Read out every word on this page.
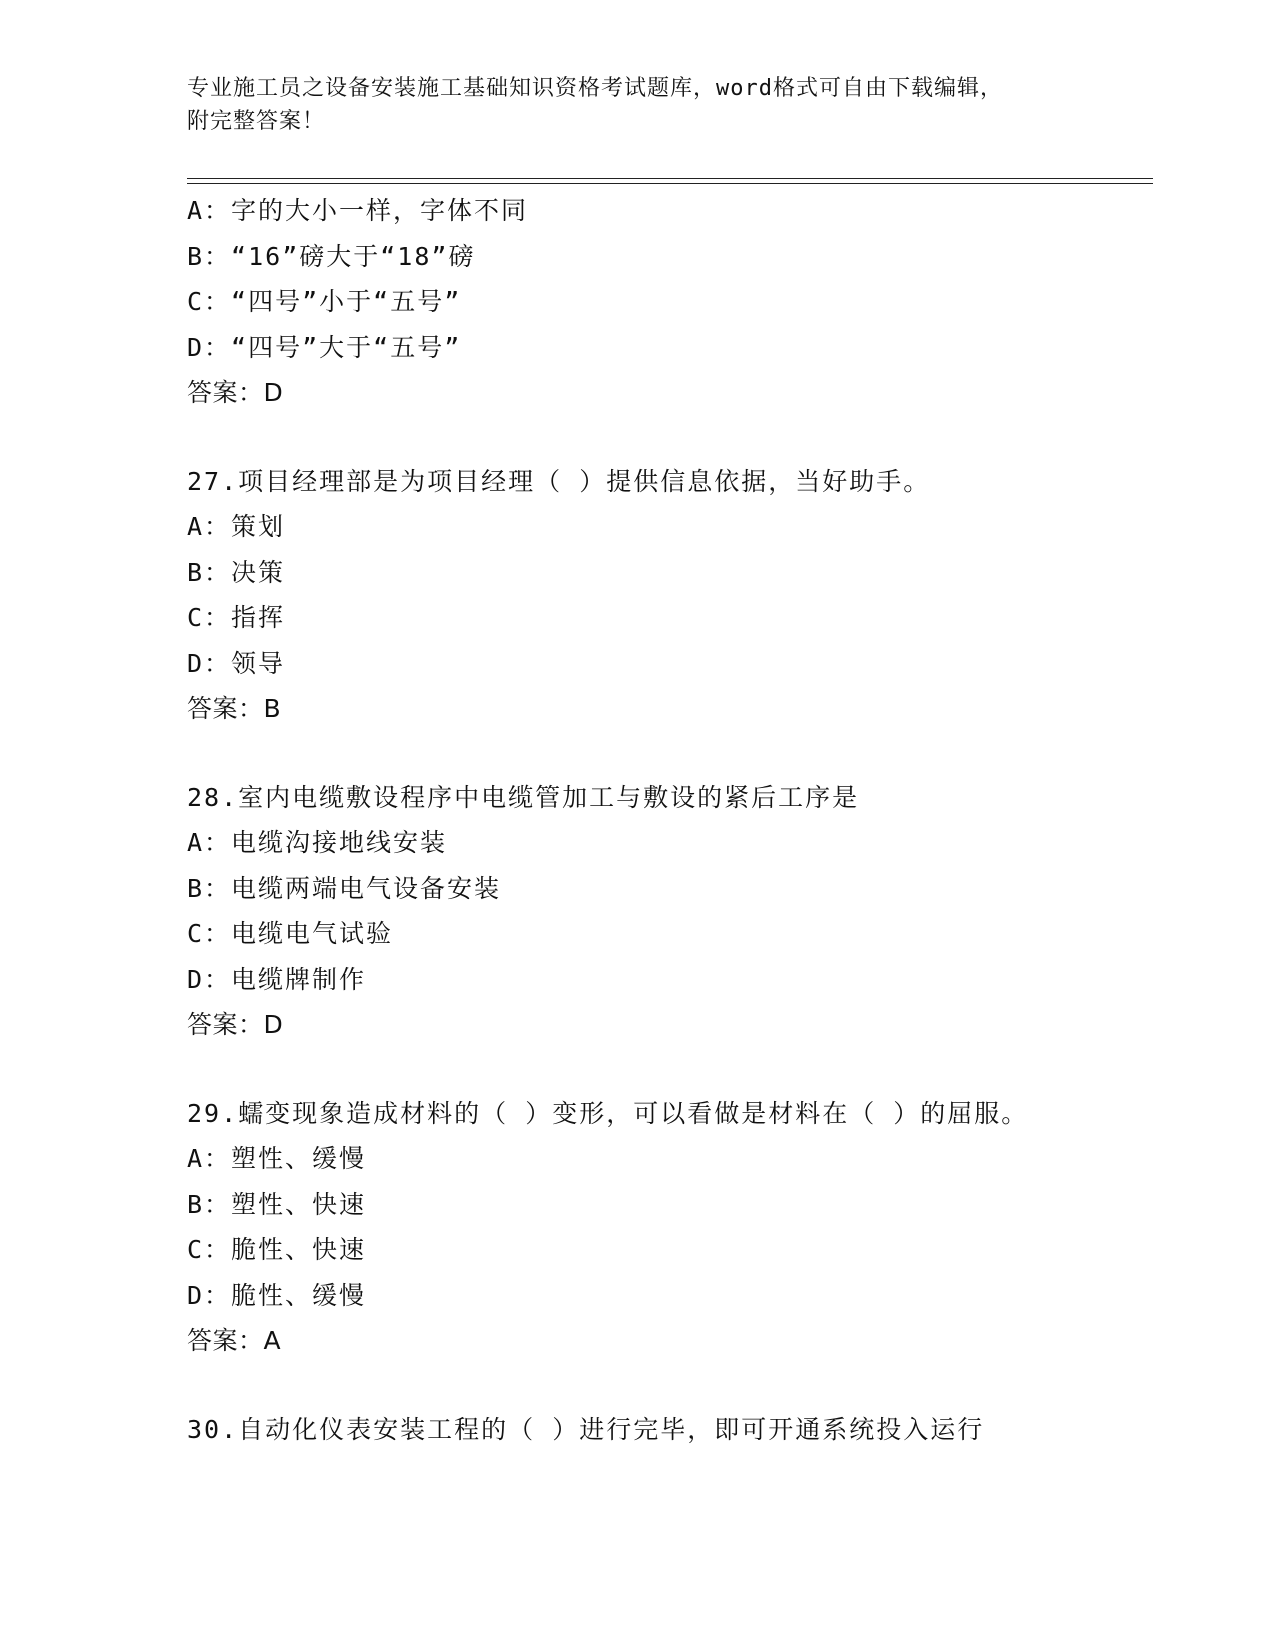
专业施工员之设备安装施工基础知识资格考试题库，word格式可自由下载编辑，
附完整答案！
A：字的大小一样，字体不同
B：“16”磅大于“18”磅
C：“四号”小于“五号”
D：“四号”大于“五号”
答案：D
27.项目经理部是为项目经理（ ）提供信息依据，当好助手。
A：策划
B：决策
C：指挥
D：领导
答案：B
28.室内电缆敷设程序中电缆管加工与敷设的紧后工序是
A：电缆沟接地线安装
B：电缆两端电气设备安装
C：电缆电气试验
D：电缆牌制作
答案：D
29.蠕变现象造成材料的（ ）变形，可以看做是材料在（ ）的屈服。
A：塑性、缓慢
B：塑性、快速
C：脆性、快速
D：脆性、缓慢
答案：A
30.自动化仪表安装工程的（ ）进行完毕，即可开通系统投入运行
